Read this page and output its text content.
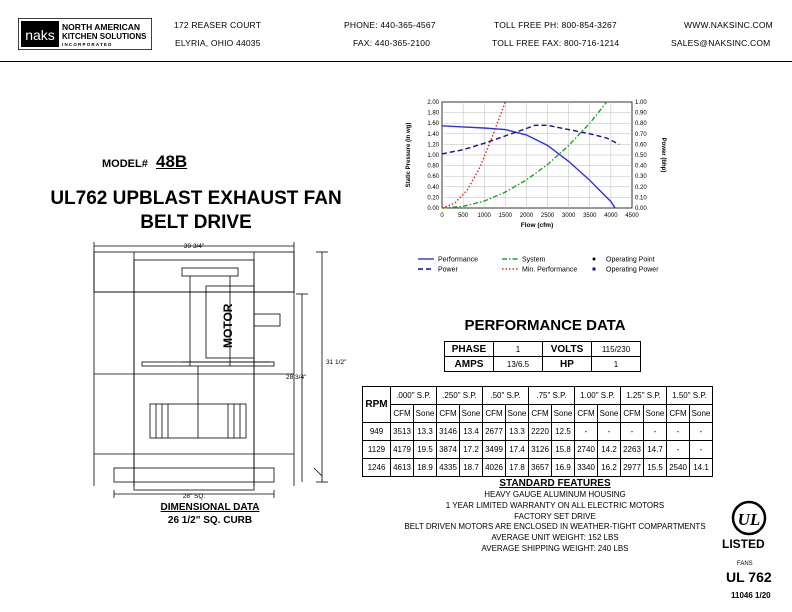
naks NORTH AMERICAN
KITCHEN SOLUTIONS
INCORPORATED
172 REASER COURT
ELYRIA, OHIO 44035
PHONE: 440-365-4567
FAX: 440-365-2100
TOLL FREE PH: 800-854-3267
TOLL FREE FAX: 800-716-1214
WWW.NAKSINC.COM
SALES@NAKSINC.COM
MODEL# 48B
UL762 UPBLAST EXHAUST FAN
BELT DRIVE
39 3/4"
31 1/2"
28 3/4"
28" SQ.
MOTOR
DIMENSIONAL DATA
26 1/2" SQ. CURB
0 500 1000 1500 2000 2500 3000 3500 4000 4500
0.00
0.20
0.40
0.60
0.80
1.00
1.20
1.40
1.60
1.80
2.00
0.00
0.10
0.20
0.30
0.40
0.50
0.60
0.70
0.80
0.90
1.00
Flow (cfm)
Static Pressure (in wg)	Power (bhp)
Performance	System	Operating Point
Power	Min. Performance	Operating Power
PERFORMANCE DATA
PHASE	1	VOLTS	115/230
AMPS	13/6.5	HP	1
RPM	.000" S.P.		.250" S.P.		.50" S.P.		.75" S.P.		1.00" S.P.		1.25" S.P.		1.50" S.P.	
	CFM	Sone	CFM	Sone	CFM	Sone	CFM	Sone	CFM	Sone	CFM	Sone	CFM	Sone
949	3513	13.3	3146	13.4	2677	13.3	2220	12.5	-	-	-	-	-	-
1129	4179	19.5	3874	17.2	3499	17.4	3126	15.8	2740	14.2	2263	14.7	-	-
1246	4613	18.9	4335	18.7	4026	17.8	3657	16.9	3340	16.2	2977	15.5	2540	14.1
STANDARD FEATURES
HEAVY GAUGE ALUMINUM HOUSING
1 YEAR LIMITED WARRANTY ON ALL ELECTRIC MOTORS
FACTORY SET DRIVE
BELT DRIVEN MOTORS ARE ENCLOSED IN WEATHER-TIGHT COMPARTMENTS
AVERAGE UNIT WEIGHT: 152 LBS
AVERAGE SHIPPING WEIGHT: 240 LBS
UL
LISTED
FANS
UL 762
11046 1/20
